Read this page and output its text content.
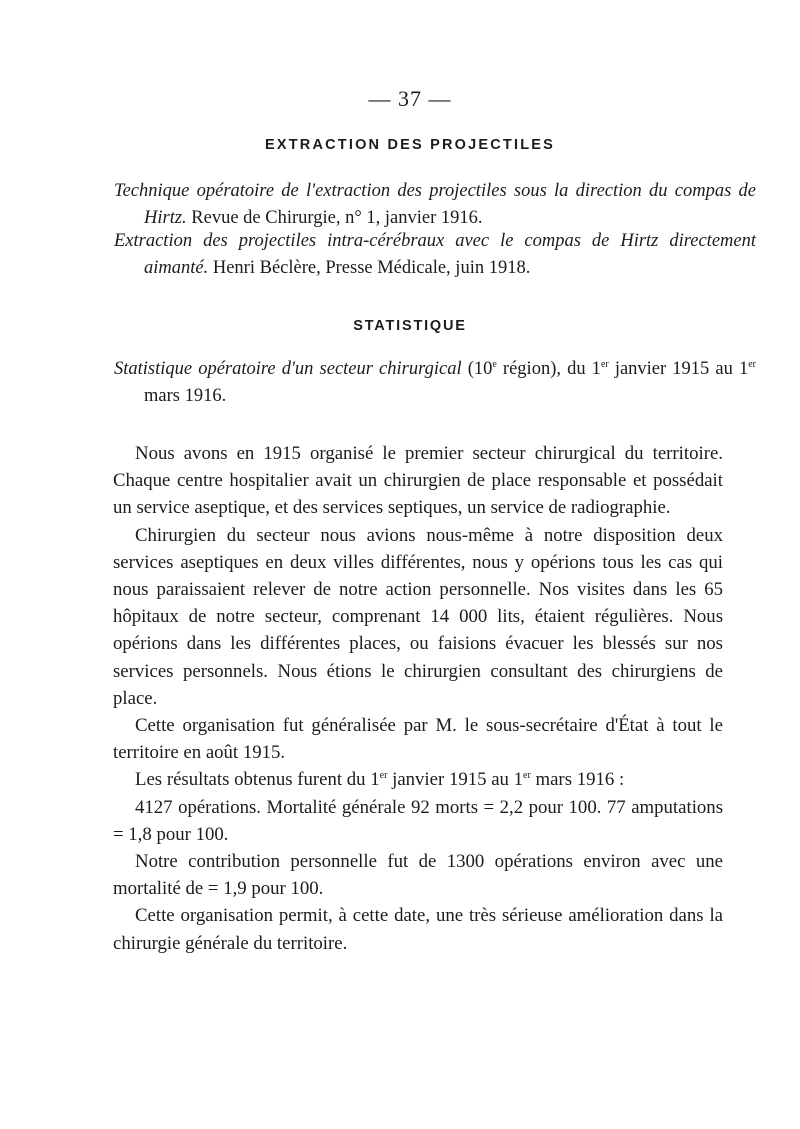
— 37 —
EXTRACTION DES PROJECTILES
Technique opératoire de l'extraction des projectiles sous la direction du compas de Hirtz. Revue de Chirurgie, n° 1, janvier 1916.
Extraction des projectiles intra-cérébraux avec le compas de Hirtz directement aimanté. Henri Béclère, Presse Médicale, juin 1918.
STATISTIQUE
Statistique opératoire d'un secteur chirurgical (10e région), du 1er janvier 1915 au 1er mars 1916.

Nous avons en 1915 organisé le premier secteur chirurgical du territoire. Chaque centre hospitalier avait un chirurgien de place responsable et possédait un service aseptique, et des services septiques, un service de radiographie.

Chirurgien du secteur nous avions nous-même à notre disposition deux services aseptiques en deux villes différentes, nous y opérions tous les cas qui nous paraissaient relever de notre action personnelle. Nos visites dans les 65 hôpitaux de notre secteur, comprenant 14 000 lits, étaient régulières. Nous opérions dans les différentes places, ou faisions évacuer les blessés sur nos services personnels. Nous étions le chirurgien consultant des chirurgiens de place.

Cette organisation fut généralisée par M. le sous-secrétaire d'État à tout le territoire en août 1915.

Les résultats obtenus furent du 1er janvier 1915 au 1er mars 1916 :

4127 opérations. Mortalité générale 92 morts = 2,2 pour 100. 77 amputations = 1,8 pour 100.

Notre contribution personnelle fut de 1300 opérations environ avec une mortalité de = 1,9 pour 100.

Cette organisation permit, à cette date, une très sérieuse amélioration dans la chirurgie générale du territoire.
